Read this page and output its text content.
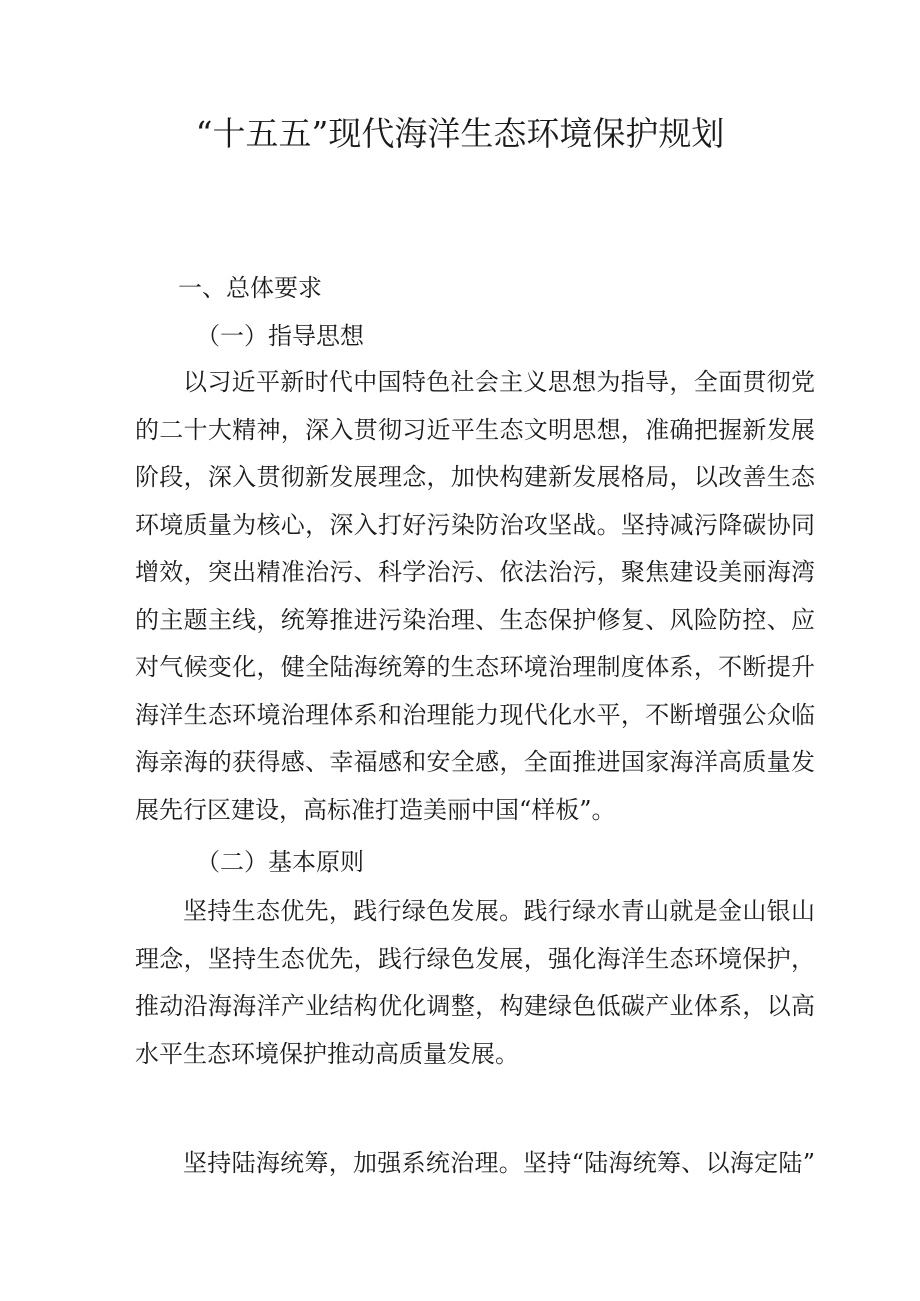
“十五五”现代海洋生态环境保护规划
一、总体要求
（一）指导思想
以习近平新时代中国特色社会主义思想为指导，全面贯彻党
的二十大精神，深入贯彻习近平生态文明思想，准确把握新发展
阶段，深入贯彻新发展理念，加快构建新发展格局，以改善生态
环境质量为核心，深入打好污染防治攻坚战。坚持减污降碳协同
增效，突出精准治污、科学治污、依法治污，聚焦建设美丽海湾
的主题主线，统筹推进污染治理、生态保护修复、风险防控、应
对气候变化，健全陆海统筹的生态环境治理制度体系，不断提升
海洋生态环境治理体系和治理能力现代化水平，不断增强公众临
海亲海的获得感、幸福感和安全感，全面推进国家海洋高质量发
展先行区建设，高标准打造美丽中国“样板”。
（二）基本原则
坚持生态优先，践行绿色发展。践行绿水青山就是金山银山
理念，坚持生态优先，践行绿色发展，强化海洋生态环境保护，
推动沿海海洋产业结构优化调整，构建绿色低碳产业体系，以高
水平生态环境保护推动高质量发展。
坚持陆海统筹，加强系统治理。坚持“陆海统筹、以海定陆”
